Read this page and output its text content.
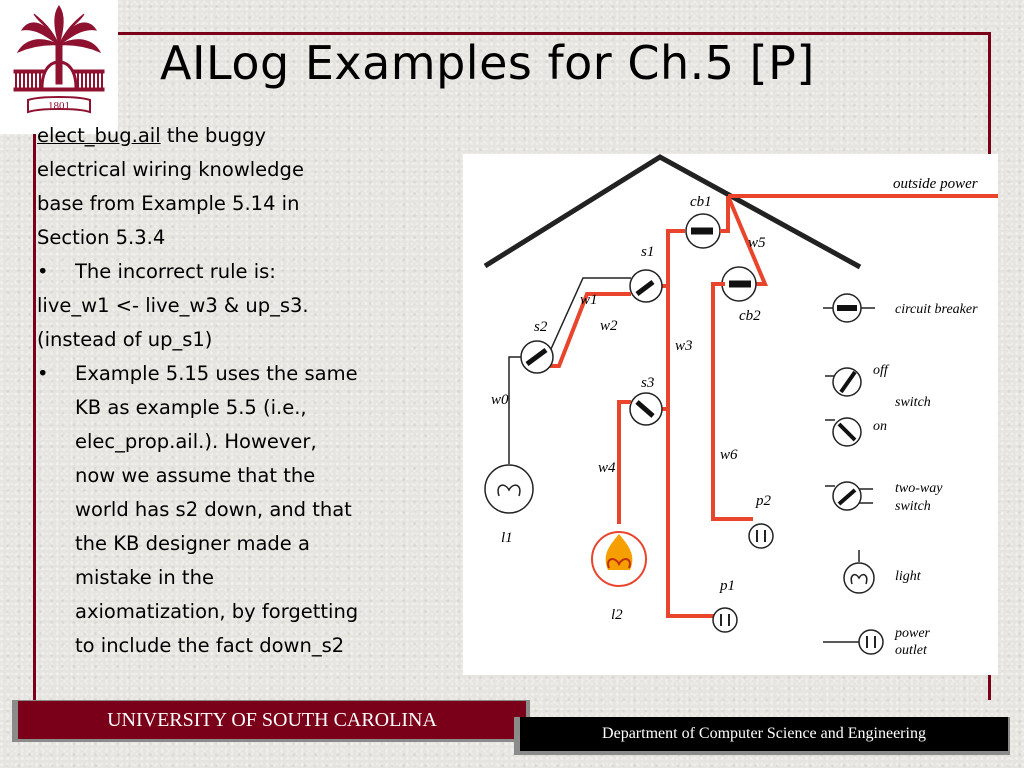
1801
AILog Examples for Ch.5 [P]

elect_bug.ail the buggy

electrical wiring knowledge

base from Example 5.14 in

Section 5.3.4

• The incorrect rule is:

live_w1 <- live_w3 & up_s3.

(instead of up_s1)

• Example 5.15 uses the same

KB as example 5.5 (i.e.,

elec_prop.ail.). However,

now we assume that the

world has s2 down, and that

the KB designer made a

mistake in the

axiomatization, by forgetting

to include the fact down_s2

outside power
cb1
w5
cb2
w6
w3
p2
p1
s1
w1
w2
s2
w0
l1
s3
w4
l2
circuit breaker
off
switch
on
two-way
switch
light
power
outlet
UNIVERSITY OF SOUTH CAROLINA
Department of Computer Science and Engineering
